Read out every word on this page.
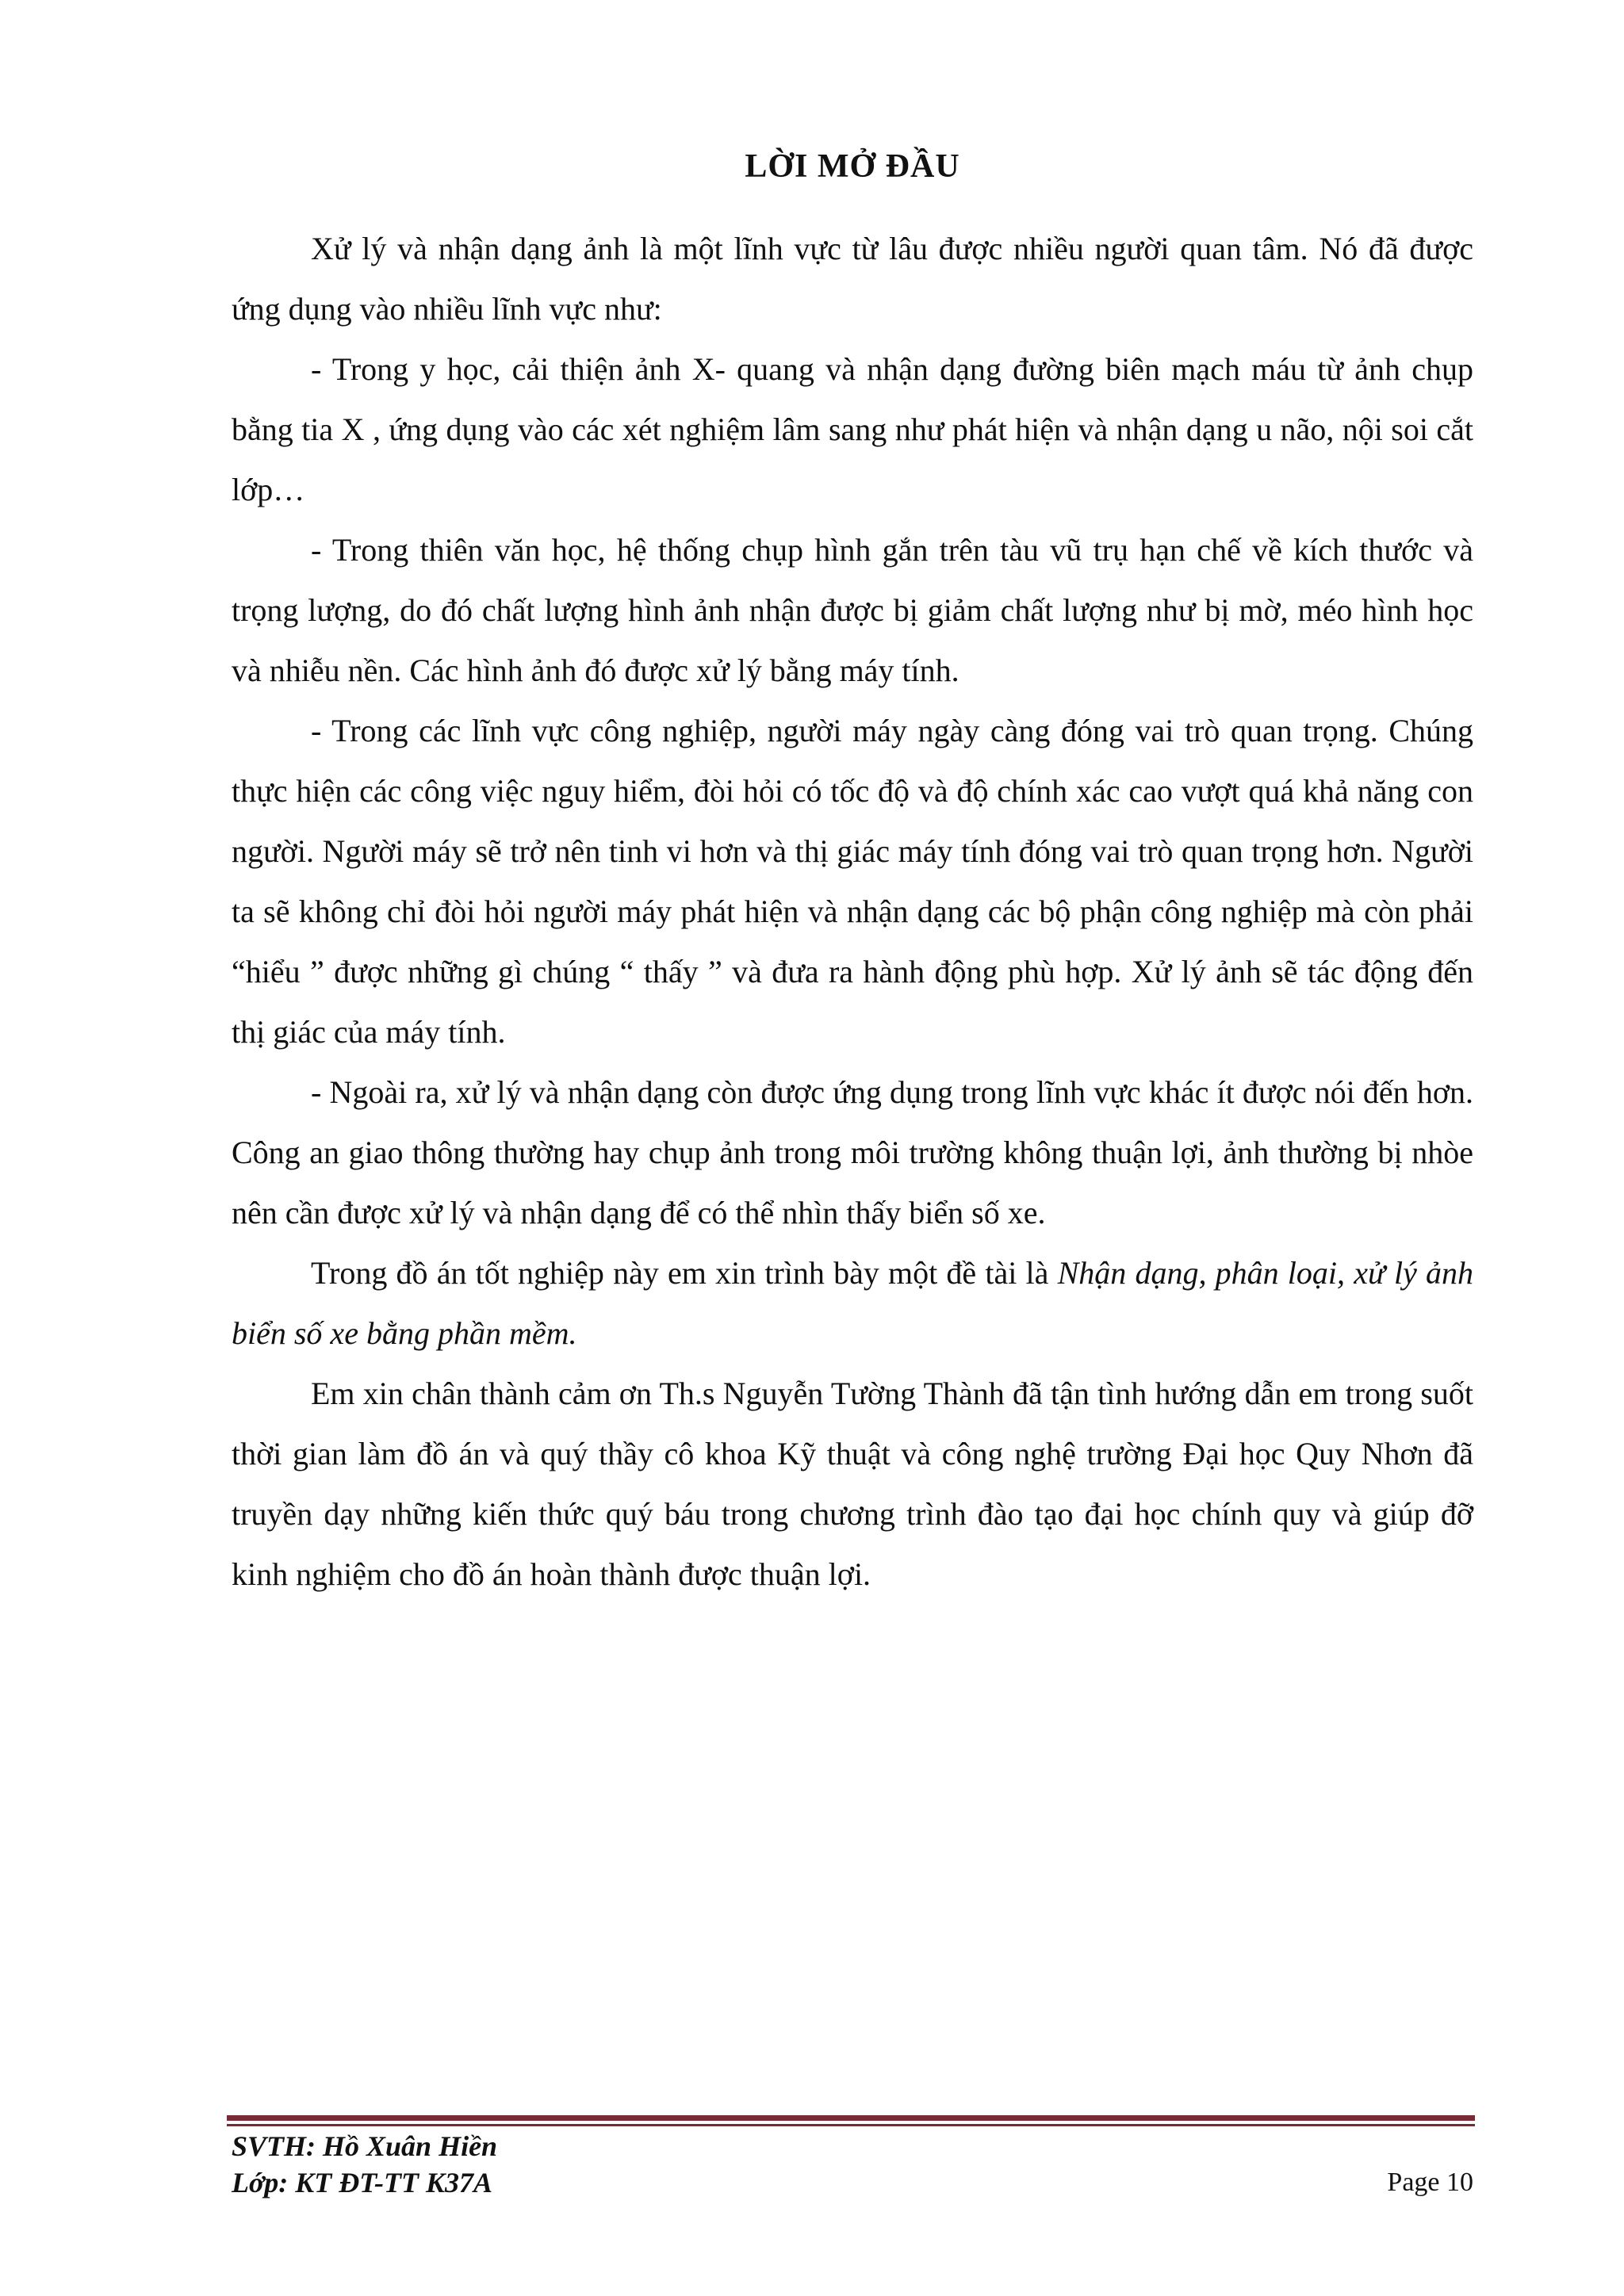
LỜI MỞ ĐẦU

Xử lý và nhận dạng ảnh là một lĩnh vực từ lâu được nhiều người quan tâm. Nó đã được ứng dụng vào nhiều lĩnh vực như:

- Trong y học, cải thiện ảnh X- quang và nhận dạng đường biên mạch máu từ ảnh chụp bằng tia X , ứng dụng vào các xét nghiệm lâm sang như phát hiện và nhận dạng u não, nội soi cắt lớp…

- Trong thiên văn học, hệ thống chụp hình gắn trên tàu vũ trụ hạn chế về kích thước và trọng lượng, do đó chất lượng hình ảnh nhận được bị giảm chất lượng như bị mờ, méo hình học và nhiễu nền. Các hình ảnh đó được xử lý bằng máy tính.

- Trong các lĩnh vực công nghiệp, người máy ngày càng đóng vai trò quan trọng. Chúng thực hiện các công việc nguy hiểm, đòi hỏi có tốc độ và độ chính xác cao vượt quá khả năng con người. Người máy sẽ trở nên tinh vi hơn và thị giác máy tính đóng vai trò quan trọng hơn. Người ta sẽ không chỉ đòi hỏi người máy phát hiện và nhận dạng các bộ phận công nghiệp mà còn phải “hiểu ” được những gì chúng “ thấy ” và đưa ra hành động phù hợp. Xử lý ảnh sẽ tác động đến thị giác của máy tính.

- Ngoài ra, xử lý và nhận dạng còn được ứng dụng trong lĩnh vực khác ít được nói đến hơn. Công an giao thông thường hay chụp ảnh trong môi trường không thuận lợi, ảnh thường bị nhòe nên cần được xử lý và nhận dạng để có thể nhìn thấy biển số xe.

Trong đồ án tốt nghiệp này em xin trình bày một đề tài là Nhận dạng, phân loại, xử lý ảnh biển số xe bằng phần mềm.

Em xin chân thành cảm ơn Th.s Nguyễn Tường Thành đã tận tình hướng dẫn em trong suốt thời gian làm đồ án và quý thầy cô khoa Kỹ thuật và công nghệ trường Đại học Quy Nhơn đã truyền dạy những kiến thức quý báu trong chương trình đào tạo đại học chính quy và giúp đỡ kinh nghiệm cho đồ án hoàn thành được thuận lợi.

SVTH: Hồ Xuân Hiền
Lớp: KT ĐT-TT K37A	Page 10
